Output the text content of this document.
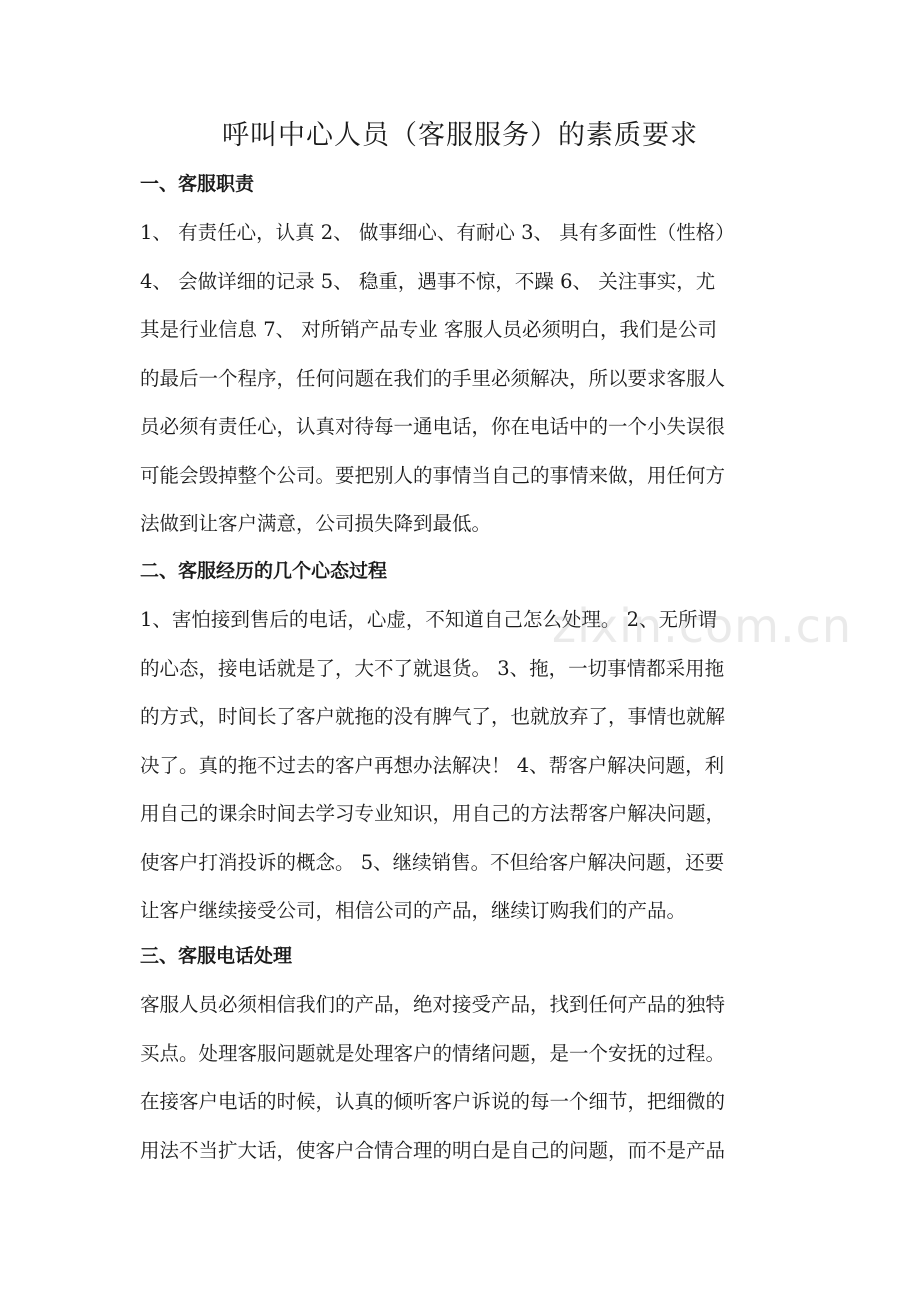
呼叫中心人员（客服服务）的素质要求
一、客服职责
1、 有责任心，认真 2、 做事细心、有耐心 3、 具有多面性（性格）
4、 会做详细的记录 5、 稳重，遇事不惊，不躁 6、 关注事实，尤
其是行业信息 7、 对所销产品专业 客服人员必须明白，我们是公司
的最后一个程序，任何问题在我们的手里必须解决，所以要求客服人
员必须有责任心，认真对待每一通电话，你在电话中的一个小失误很
可能会毁掉整个公司。要把别人的事情当自己的事情来做，用任何方
法做到让客户满意，公司损失降到最低。
二、客服经历的几个心态过程
1、害怕接到售后的电话，心虚，不知道自己怎么处理。 2、无所谓
的心态，接电话就是了，大不了就退货。 3、拖，一切事情都采用拖
的方式，时间长了客户就拖的没有脾气了，也就放弃了，事情也就解
决了。真的拖不过去的客户再想办法解决！ 4、帮客户解决问题，利
用自己的课余时间去学习专业知识，用自己的方法帮客户解决问题，
使客户打消投诉的概念。 5、继续销售。不但给客户解决问题，还要
让客户继续接受公司，相信公司的产品，继续订购我们的产品。
三、客服电话处理
客服人员必须相信我们的产品，绝对接受产品，找到任何产品的独特
买点。处理客服问题就是处理客户的情绪问题，是一个安抚的过程。
在接客户电话的时候，认真的倾听客户诉说的每一个细节，把细微的
用法不当扩大话，使客户合情合理的明白是自己的问题，而不是产品
zixin.com.cn
